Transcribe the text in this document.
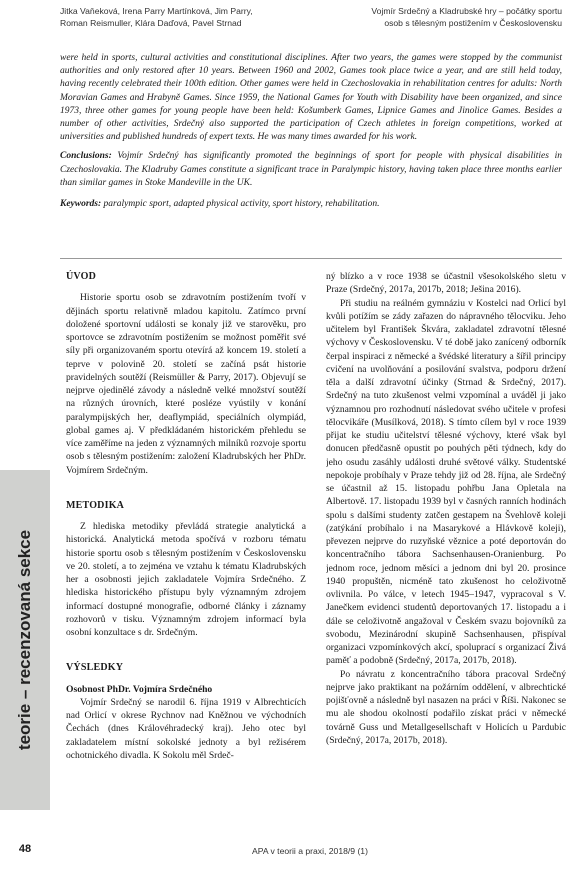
Jitka Vaňeková, Irena Parry Martínková, Jim Parry,
Roman Reismuller, Klára Daďová, Pavel Strnad
Vojmír Srdečný a Kladrubské hry – počátky sportu
osob s tělesným postižením v Československu

were held in sports, cultural activities and constitutional disciplines. After two years, the games were stopped by the communist authorities and only restored after 10 years. Between 1960 and 2002, Games took place twice a year, and are still held today, having recently celebrated their 100th edition. Other games were held in Czechoslovakia in rehabilitation centres for adults: North Moravian Games and Hrabyně Games. Since 1959, the National Games for Youth with Disability have been organized, and since 1973, three other games for young people have been held: Košumberk Games, Lipnice Games and Jinolice Games. Besides a number of other activities, Srdečný also supported the participation of Czech athletes in foreign competitions, worked at universities and published hundreds of expert texts. He was many times awarded for his work.

Conclusions: Vojmír Srdečný has significantly promoted the beginnings of sport for people with physical disabilities in Czechoslovakia. The Kladruby Games constitute a significant trace in Paralympic history, having taken place three months earlier than similar games in Stoke Mandeville in the UK.

Keywords: paralympic sport, adapted physical activity, sport history, rehabilitation.

teorie – recenzovaná sekce
ÚVOD

Historie sportu osob se zdravotním postižením tvoří v dějinách sportu relativně mladou kapitolu. Zatímco první doložené sportovní události se konaly již ve starověku, pro sportovce se zdravotním postižením se možnost poměřit své síly při organizovaném sportu otevírá až koncem 19. století a teprve v polovině 20. století se začíná psát historie pravidelných soutěží (Reismüller & Parry, 2017). Objevují se nejprve ojedinělé závody a následně velké množství soutěží na různých úrovních, které posléze vyústily v konání paralympijských her, deaflympiád, speciálních olympiád, global games aj. V předkládaném historickém přehledu se více zaměříme na jeden z významných milníků rozvoje sportu osob s tělesným postižením: založení Kladrubských her PhDr. Vojmírem Srdečným.

METODIKA

Z hlediska metodiky převládá strategie analytická a historická. Analytická metoda spočívá v rozboru tématu historie sportu osob s tělesným postižením v Československu ve 20. století, a to zejména ve vztahu k tématu Kladrubských her a osobnosti jejich zakladatele Vojmíra Srdečného. Z hlediska historického přístupu byly významným zdrojem informací dostupné monografie, odborné články i záznamy rozhovorů v tisku. Významným zdrojem informací byla osobní konzultace s dr. Srdečným.

VÝSLEDKY
Osobnost PhDr. Vojmíra Srdečného

Vojmír Srdečný se narodil 6. října 1919 v Albrechticích nad Orlicí v okrese Rychnov nad Kněžnou ve východních Čechách (dnes Královéhradecký kraj). Jeho otec byl zakladatelem místní sokolské jednoty a byl režisérem ochotnického divadla. K Sokolu měl Srdeč-

ný blízko a v roce 1938 se účastnil všesokolského sletu v Praze (Srdečný, 2017a, 2017b, 2018; Ješina 2016).

Při studiu na reálném gymnáziu v Kostelci nad Orlicí byl kvůli potížím se zády zařazen do nápravného tělocviku. Jeho učitelem byl František Škvára, zakladatel zdravotní tělesné výchovy v Československu. V té době jako zanícený odborník čerpal inspiraci z německé a švédské literatury a šířil principy cvičení na uvolňování a posilování svalstva, podporu držení těla a další zdravotní účinky (Strnad & Srdečný, 2017). Srdečný na tuto zkušenost velmi vzpomínal a uváděl ji jako významnou pro rozhodnutí následovat svého učitele v profesi tělocvikáře (Musílková, 2018). S tímto cílem byl v roce 1939 přijat ke studiu učitelství tělesné výchovy, které však byl donucen předčasně opustit po pouhých pěti týdnech, kdy do jeho osudu zasáhly události druhé světové války. Studentské nepokoje probíhaly v Praze tehdy již od 28. října, ale Srdečný se účastnil až 15. listopadu pohřbu Jana Opletala na Albertově. 17. listopadu 1939 byl v časných ranních hodinách spolu s dalšími studenty zatčen gestapem na Švehlově koleji (zatýkání probíhalo i na Masarykové a Hlávkově koleji), převezen nejprve do ruzyňské věznice a poté deportován do koncentračního tábora Sachsenhausen-Oranienburg. Po jednom roce, jednom měsíci a jednom dni byl 20. prosince 1940 propuštěn, nicméně tato zkušenost ho celoživotně ovlivnila. Po válce, v letech 1945–1947, vypracoval s V. Janečkem evidenci studentů deportovaných 17. listopadu a i dále se celoživotně angažoval v Českém svazu bojovníků za svobodu, Mezinárodní skupině Sachsenhausen, přispíval organizaci vzpomínkových akcí, spoluprací s organizací Živá paměť a podobně (Srdečný, 2017a, 2017b, 2018).

Po návratu z koncentračního tábora pracoval Srdečný nejprve jako praktikant na požárním oddělení, v albrechtické pojišťovně a následně byl nasazen na práci v Říši. Nakonec se mu ale shodou okolností podařilo získat práci v německé továrně Guss und Metallgesellschaft v Holicích u Pardubic (Srdečný, 2017a, 2017b, 2018).

48	APA v teorii a praxi, 2018/9 (1)
